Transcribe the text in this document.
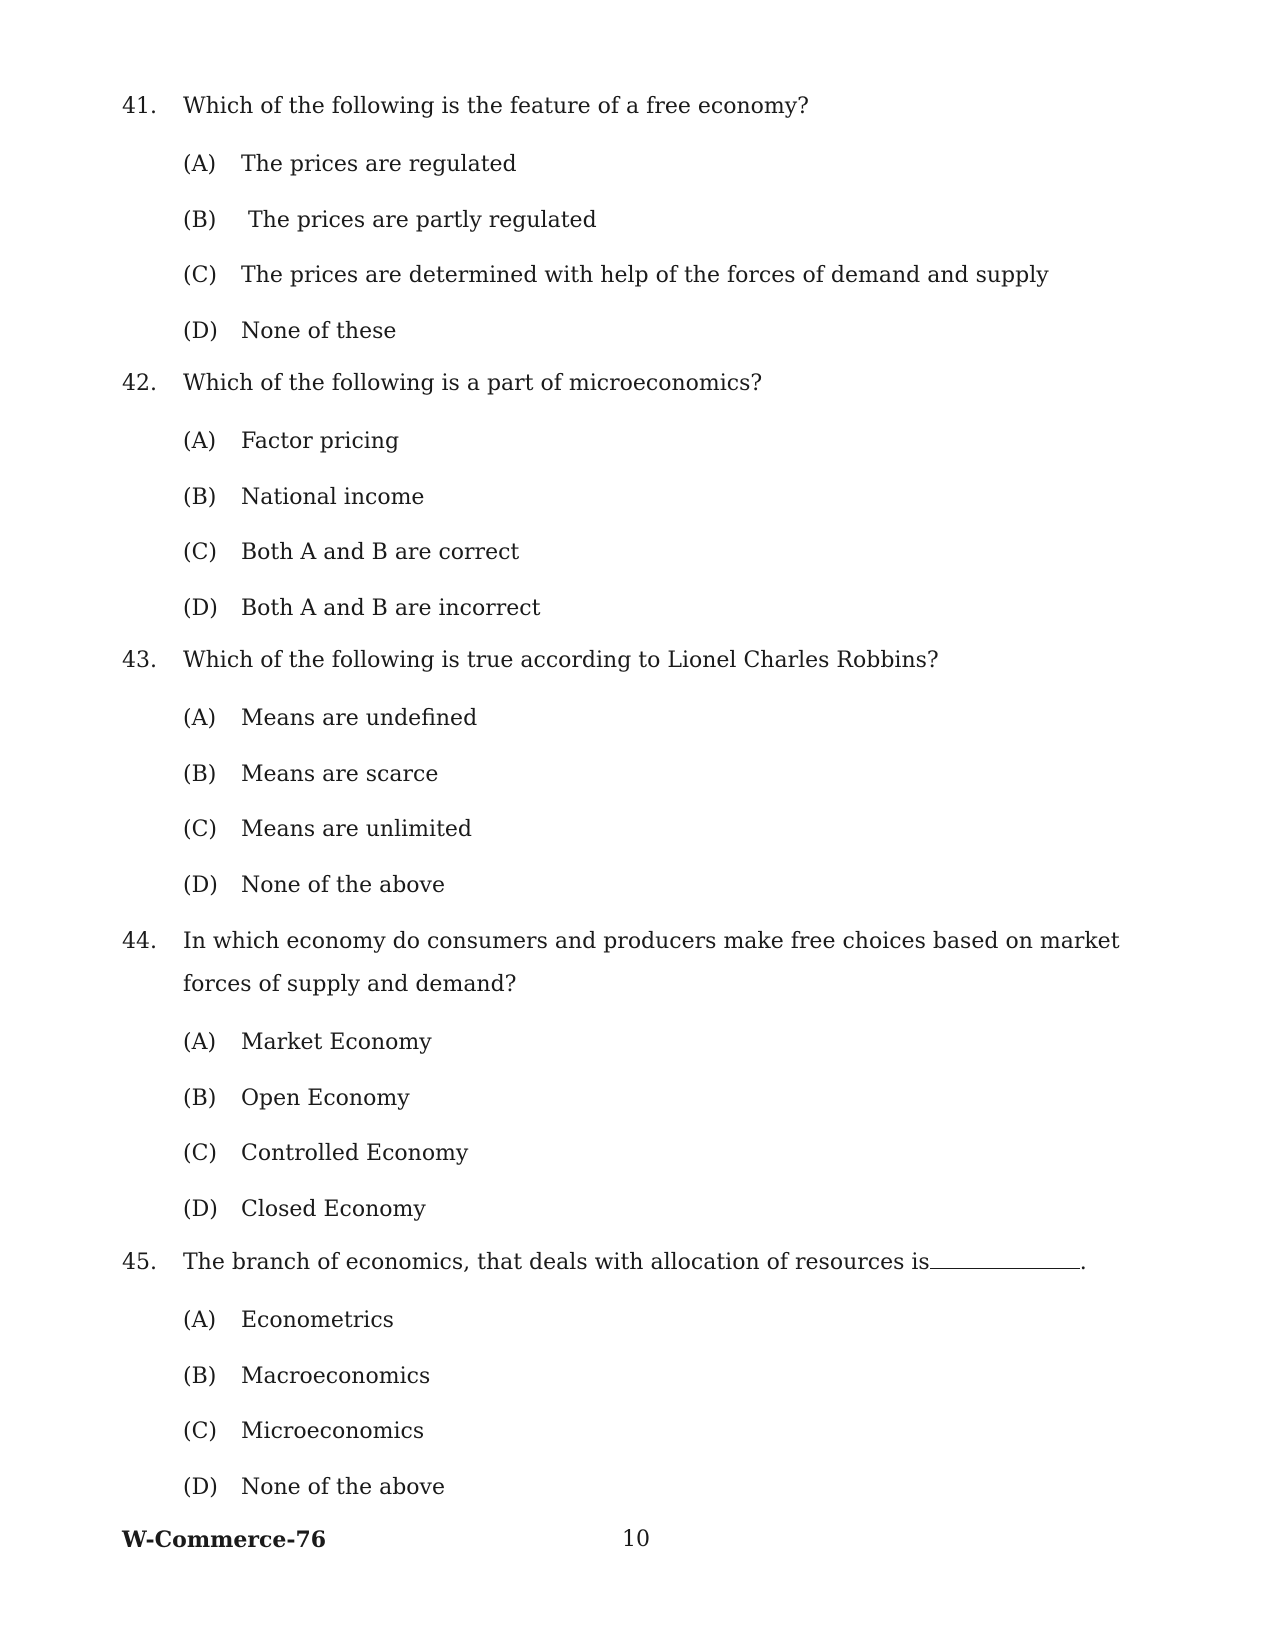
41.	Which of the following is the feature of a free economy?
(A)	The prices are regulated
(B)	The prices are partly regulated
(C)	The prices are determined with help of the forces of demand and supply
(D)	None of these
42.	Which of the following is a part of microeconomics?
(A)	Factor pricing
(B)	National income
(C)	Both A and B are correct
(D)	Both A and B are incorrect
43.	Which of the following is true according to Lionel Charles Robbins?
(A)	Means are undefined
(B)	Means are scarce
(C)	Means are unlimited
(D)	None of the above
44.	In which economy do consumers and producers make free choices based on market forces of supply and demand?
(A)	Market Economy
(B)	Open Economy
(C)	Controlled Economy
(D)	Closed Economy
45.	The branch of economics, that deals with allocation of resources is	.
(A)	Econometrics
(B)	Macroeconomics
(C)	Microeconomics
(D)	None of the above
W-Commerce-76	10
